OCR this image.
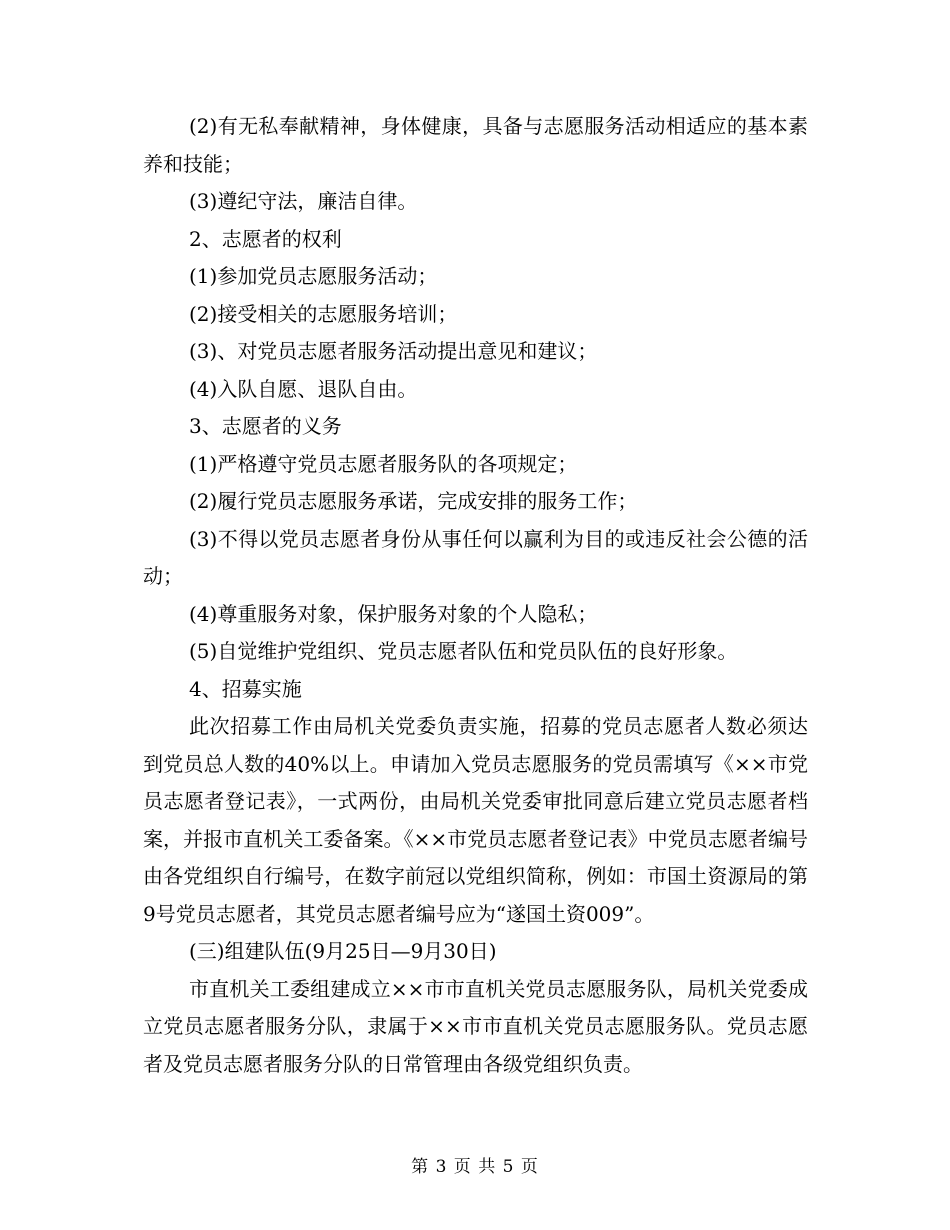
(2)有无私奉献精神，身体健康，具备与志愿服务活动相适应的基本素养和技能；

(3)遵纪守法，廉洁自律。

2、志愿者的权利

(1)参加党员志愿服务活动；

(2)接受相关的志愿服务培训；

(3)、对党员志愿者服务活动提出意见和建议；

(4)入队自愿、退队自由。

3、志愿者的义务

(1)严格遵守党员志愿者服务队的各项规定；

(2)履行党员志愿服务承诺，完成安排的服务工作；

(3)不得以党员志愿者身份从事任何以赢利为目的或违反社会公德的活动；

(4)尊重服务对象，保护服务对象的个人隐私；

(5)自觉维护党组织、党员志愿者队伍和党员队伍的良好形象。

4、招募实施

此次招募工作由局机关党委负责实施，招募的党员志愿者人数必须达到党员总人数的40%以上。申请加入党员志愿服务的党员需填写《××市党员志愿者登记表》，一式两份，由局机关党委审批同意后建立党员志愿者档案，并报市直机关工委备案。《××市党员志愿者登记表》中党员志愿者编号由各党组织自行编号，在数字前冠以党组织简称，例如：市国土资源局的第9号党员志愿者，其党员志愿者编号应为“遂国土资009”。

(三)组建队伍(9月25日—9月30日)

市直机关工委组建成立××市市直机关党员志愿服务队，局机关党委成立党员志愿者服务分队，隶属于××市市直机关党员志愿服务队。党员志愿者及党员志愿者服务分队的日常管理由各级党组织负责。

第 3 页 共 5 页
